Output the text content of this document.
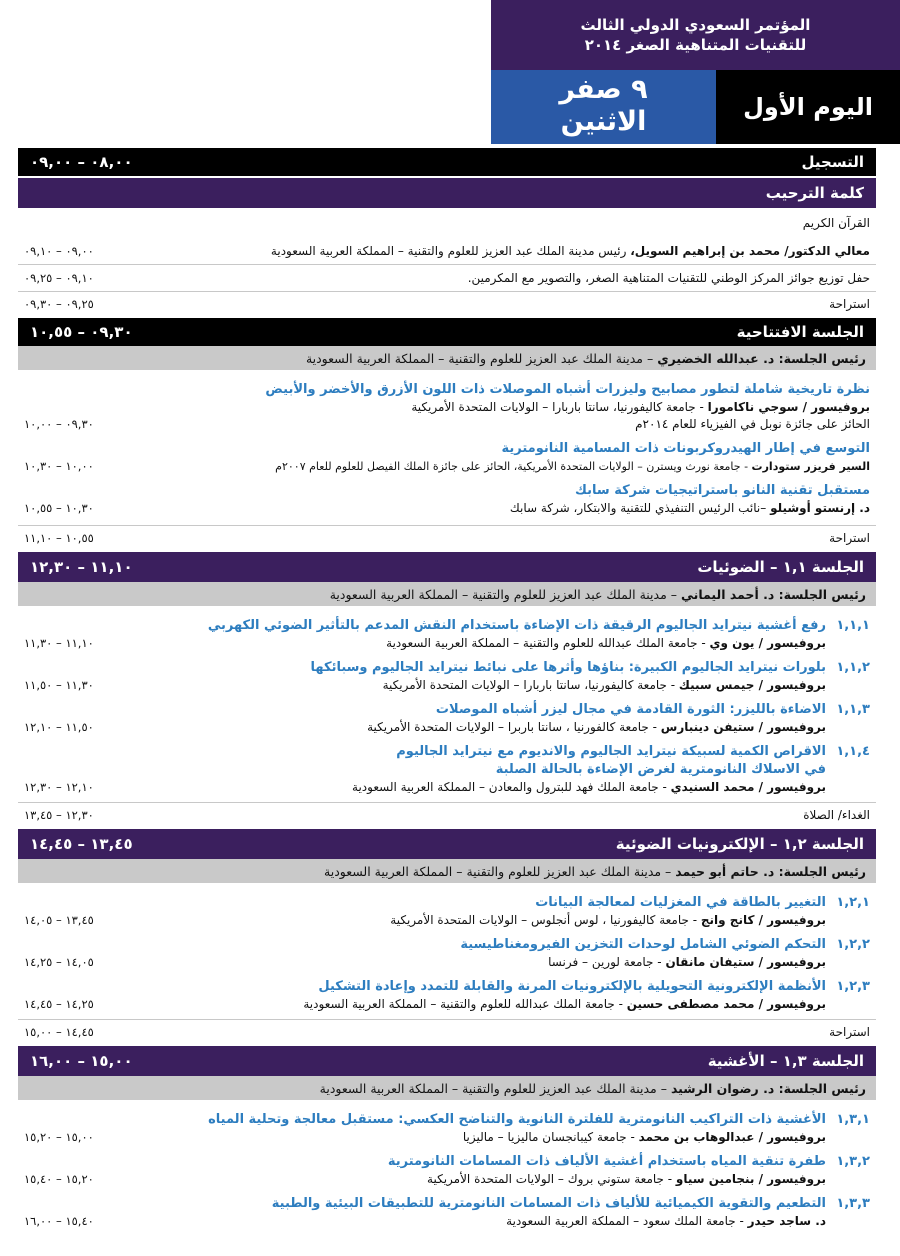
المؤتمر السعودي الدولي الثالث
للتقنيات المتناهية الصغر ٢٠١٤
٩ صفر
الاثنين	اليوم الأول
التسجيل
٠٨,٠٠ – ٠٩,٠٠
كلمة الترحيب
القرآن الكريم
معالي الدكتور/ محمد بن إبراهيم السويل، رئيس مدينة الملك عبد العزيز للعلوم والتقنية – المملكة العربية السعودية
٠٩,٠٠ – ٠٩,١٠
حفل توزيع جوائز المركز الوطني للتقنيات المتناهية الصغر، والتصوير مع المكرمين.
٠٩,١٠ – ٠٩,٢٥
استراحة
٠٩,٢٥ – ٠٩,٣٠
الجلسة الافتتاحية
٠٩,٣٠ – ١٠,٥٥
رئيس الجلسة: د. عبدالله الخضيري – مدينة الملك عبد العزيز للعلوم والتقنية – المملكة العربية السعودية
نظرة تاريخية شاملة لتطور مصابيح وليزرات أشباه الموصلات ذات اللون الأزرق والأخضر والأبيض
بروفيسور / سوجي ناكامورا - جامعة كاليفورنيا، سانتا باربارا – الولايات المتحدة الأمريكية
الحائز على جائزة نوبل في الفيزياء للعام ٢٠١٤م
٠٩,٣٠ – ١٠,٠٠
التوسع في إطار الهيدروكربونات ذات المسامية النانومترية
السير فريزر ستودارت - جامعة نورث ويسترن – الولايات المتحدة الأمريكية، الحائز على جائزة الملك الفيصل للعلوم للعام ٢٠٠٧م
١٠,٠٠ – ١٠,٣٠
مستقبل تقنية النانو باستراتيجيات شركة سابك
د. إرنستو أوشيلو –نائب الرئيس التنفيذي للتقنية والابتكار، شركة سابك
١٠,٣٠ – ١٠,٥٥
استراحة
١٠,٥٥ – ١١,١٠
الجلسة ١,١ – الضوئيات
١١,١٠ – ١٢,٣٠
رئيس الجلسة: د. أحمد اليماني – مدينة الملك عبد العزيز للعلوم والتقنية – المملكة العربية السعودية
١,١,١رفع أغشية نيترايد الجاليوم الرقيقة ذات الإضاءة باستخدام النقش المدعم بالتأثير الضوئي الكهربي
بروفيسور / يون وي - جامعة الملك عبدالله للعلوم والتقنية – المملكة العربية السعودية
١١,١٠ – ١١,٣٠
١,١,٢بلورات نيترايد الجاليوم الكبيرة: بناؤها وأثرها على نبائط نيترايد الجاليوم وسبائكها
بروفيسور / جيمس سبيك - جامعة كاليفورنيا، سانتا باربارا – الولايات المتحدة الأمريكية
١١,٣٠ – ١١,٥٠
١,١,٣الاضاءة بالليزر: الثورة القادمة في مجال ليزر أشباه الموصلات
بروفيسور / ستيفن دينبارس - جامعة كالفورنيا ، سانتا باربرا – الولايات المتحدة الأمريكية
١١,٥٠ – ١٢,١٠
١,١,٤الاقراص الكمية لسبيكة نيترايد الجاليوم والانديوم مع نيترايد الجاليوم
في الاسلاك النانومترية لغرض الإضاءة بالحالة الصلبة
بروفيسور / محمد السنيدي - جامعة الملك فهد للبترول والمعادن – المملكة العربية السعودية
١٢,١٠ – ١٢,٣٠
الغداء/ الصلاة
١٢,٣٠ – ١٣,٤٥
الجلسة ١,٢ – الإلكترونيات الضوئية
١٣,٤٥ – ١٤,٤٥
رئيس الجلسة: د. حاتم أبو حيمد – مدينة الملك عبد العزيز للعلوم والتقنية – المملكة العربية السعودية
١,٢,١التغيير بالطاقة في المغزليات لمعالجة البيانات
بروفيسور / كانج وانج - جامعة كاليفورنيا ، لوس أنجلوس – الولايات المتحدة الأمريكية
١٣,٤٥ – ١٤,٠٥
١,٢,٢التحكم الضوئي الشامل لوحدات التخزين الفيرومغناطيسية
بروفيسور / ستيفان مانقان - جامعة لورين – فرنسا
١٤,٠٥ – ١٤,٢٥
١,٢,٣الأنظمة الإلكترونية التحويلية بالإلكترونيات المرنة والقابلة للتمدد وإعادة التشكيل
بروفيسور / محمد مصطفى حسين - جامعة الملك عبدالله للعلوم والتقنية – المملكة العربية السعودية
١٤,٢٥ – ١٤,٤٥
استراحة
١٤,٤٥ – ١٥,٠٠
الجلسة ١,٣ – الأغشية
١٥,٠٠ – ١٦,٠٠
رئيس الجلسة: د. رضوان الرشيد – مدينة الملك عبد العزيز للعلوم والتقنية – المملكة العربية السعودية
١,٣,١الأغشية ذات التراكيب النانومترية للفلترة النانوية والتناضح العكسي: مستقبل معالجة وتحلية المياه
بروفيسور / عبدالوهاب بن محمد - جامعة كيبانجسان ماليزيا – ماليزيا
١٥,٠٠ – ١٥,٢٠
١,٣,٢طفرة تنقية المياه باستخدام أغشية الألياف ذات المسامات النانومترية
بروفيسور / بنجامين سياو - جامعة ستوني بروك – الولايات المتحدة الأمريكية
١٥,٢٠ – ١٥,٤٠
١,٣,٣التطعيم والتقوية الكيميائية للألياف ذات المسامات النانومترية للتطبيقات البيئية والطبية
د. ساجد حيدر - جامعة الملك سعود – المملكة العربية السعودية
١٥,٤٠ – ١٦,٠٠
